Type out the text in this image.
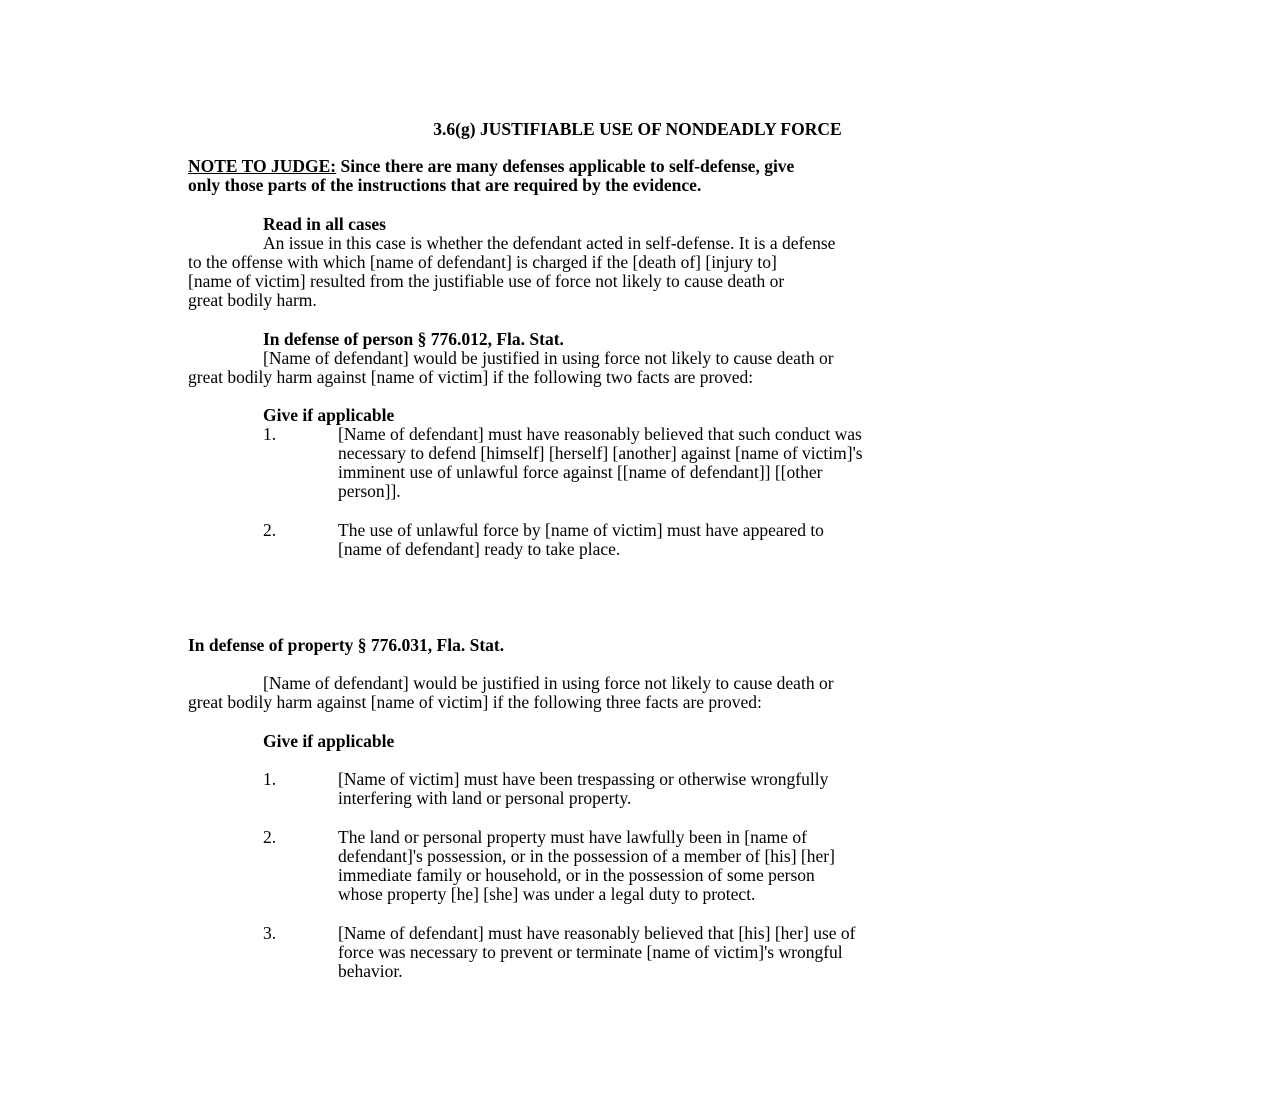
3.6(g) JUSTIFIABLE USE OF NONDEADLY FORCE
NOTE TO JUDGE: Since there are many defenses applicable to self-defense, give
only those parts of the instructions that are required by the evidence.
Read in all cases
An issue in this case is whether the defendant acted in self-defense. It is a defense
to the offense with which [name of defendant] is charged if the [death of] [injury to]
[name of victim] resulted from the justifiable use of force not likely to cause death or
great bodily harm.
In defense of person § 776.012, Fla. Stat.
[Name of defendant] would be justified in using force not likely to cause death or
great bodily harm against [name of victim] if the following two facts are proved:
Give if applicable
1.	[Name of defendant] must have reasonably believed that such conduct was
necessary to defend [himself] [herself] [another] against [name of victim]'s
imminent use of unlawful force against [[name of defendant]] [[other
person]].
2.	The use of unlawful force by [name of victim] must have appeared to
[name of defendant] ready to take place.
In defense of property § 776.031, Fla. Stat.
[Name of defendant] would be justified in using force not likely to cause death or
great bodily harm against [name of victim] if the following three facts are proved:
Give if applicable
1.	[Name of victim] must have been trespassing or otherwise wrongfully
interfering with land or personal property.
2.	The land or personal property must have lawfully been in [name of
defendant]'s possession, or in the possession of a member of [his] [her]
immediate family or household, or in the possession of some person
whose property [he] [she] was under a legal duty to protect.
3.	[Name of defendant] must have reasonably believed that [his] [her] use of
force was necessary to prevent or terminate [name of victim]'s wrongful
behavior.
